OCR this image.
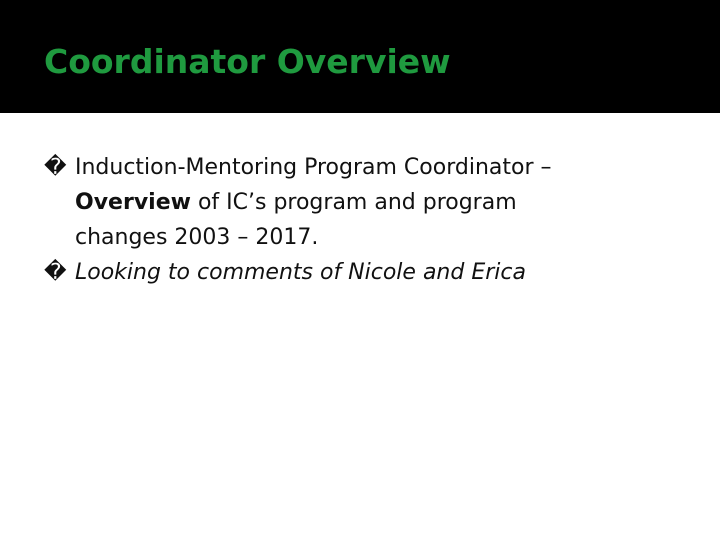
Coordinator Overview
� Induction-Mentoring Program Coordinator –
Overview of IC’s program and program
changes 2003 – 2017.
� Looking to comments of Nicole and Erica
